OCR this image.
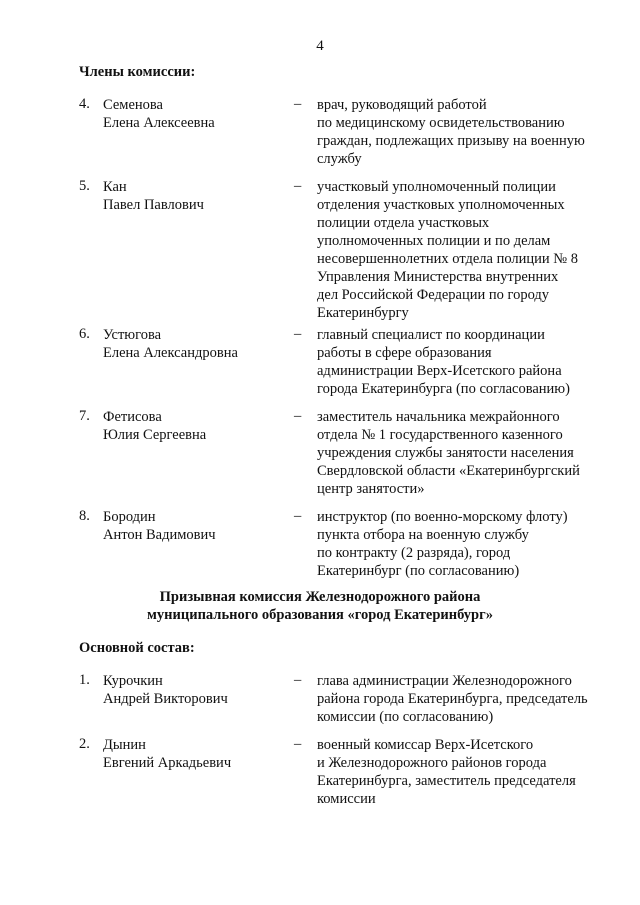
4
Члены комиссии:
4. Семенова
Елена Алексеевна
– врач, руководящий работой
по медицинскому освидетельствованию
граждан, подлежащих призыву на военную
службу
5. Кан
Павел Павлович
– участковый уполномоченный полиции
отделения участковых уполномоченных
полиции отдела участковых
уполномоченных полиции и по делам
несовершеннолетних отдела полиции № 8
Управления Министерства внутренних
дел Российской Федерации по городу
Екатеринбургу
6. Устюгова
Елена Александровна
– главный специалист по координации
работы в сфере образования
администрации Верх-Исетского района
города Екатеринбурга (по согласованию)
7. Фетисова
Юлия Сергеевна
– заместитель начальника межрайонного
отдела № 1 государственного казенного
учреждения службы занятости населения
Свердловской области «Екатеринбургский
центр занятости»
8. Бородин
Антон Вадимович
– инструктор (по военно-морскому флоту)
пункта отбора на военную службу
по контракту (2 разряда), город
Екатеринбург (по согласованию)
Призывная комиссия Железнодорожного района
муниципального образования «город Екатеринбург»
Основной состав:
1. Курочкин
Андрей Викторович
– глава администрации Железнодорожного
района города Екатеринбурга, председатель
комиссии (по согласованию)
2. Дынин
Евгений Аркадьевич
– военный комиссар Верх-Исетского
и Железнодорожного районов города
Екатеринбурга, заместитель председателя
комиссии
